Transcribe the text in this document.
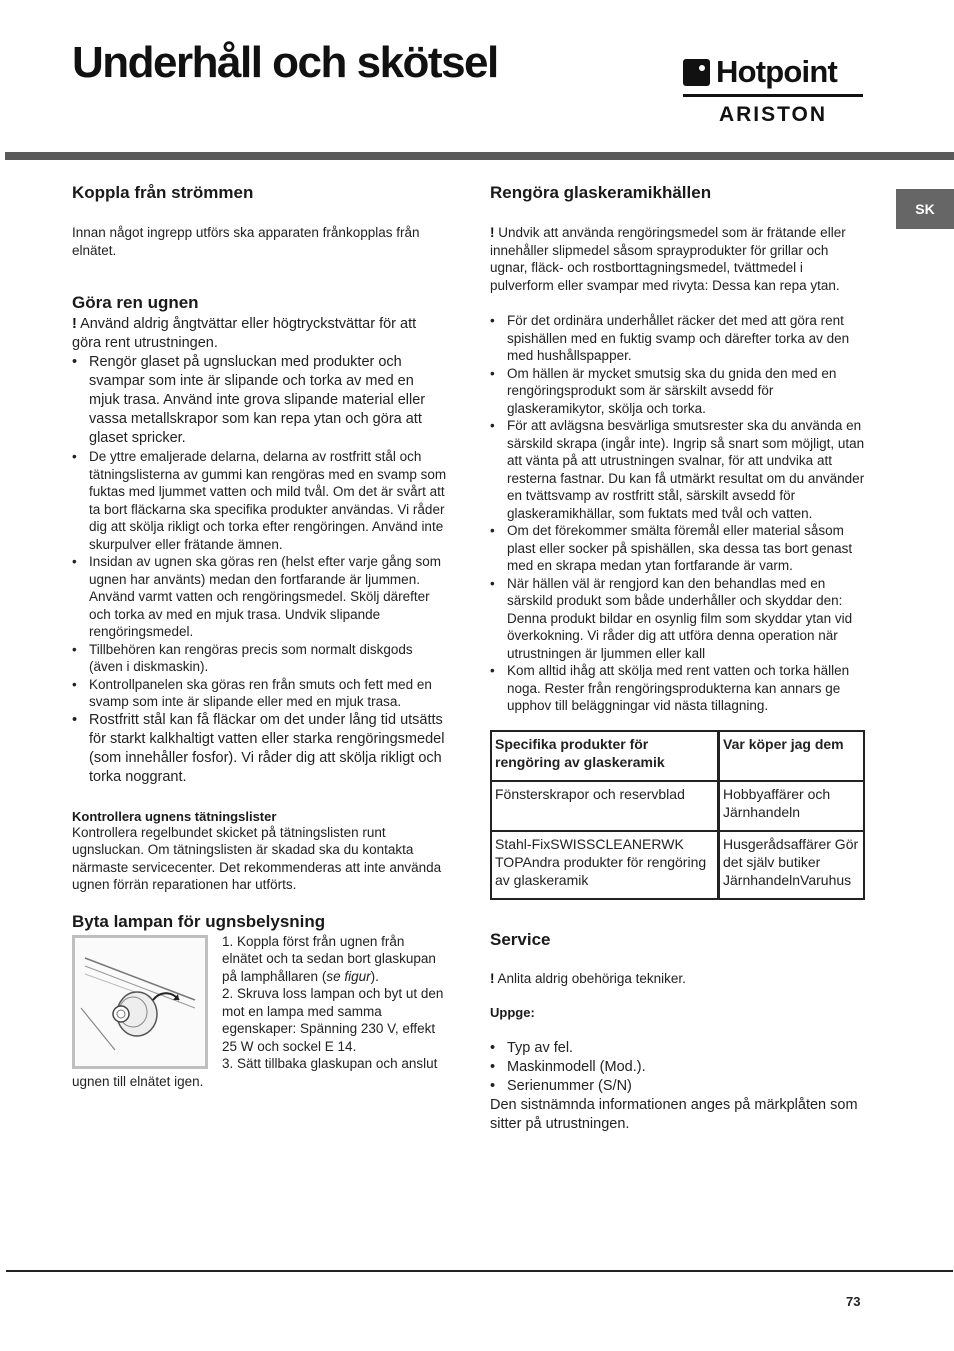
Underhåll och skötsel	Hotpoint
ARISTON
SK
Koppla från strömmen

Innan något ingrepp utförs ska apparaten frånkopplas från elnätet.

Göra ren ugnen

! Använd aldrig ångtvättar eller högtryckstvättar för att göra rent utrustningen.

• Rengör glaset på ugnsluckan med produkter och svampar som inte är slipande och torka av med en mjuk trasa. Använd inte grova slipande material eller vassa metallskrapor som kan repa ytan och göra att glaset spricker.
• De yttre emaljerade delarna, delarna av rostfritt stål och tätningslisterna av gummi kan rengöras med en svamp som fuktas med ljummet vatten och mild tvål. Om det är svårt att ta bort fläckarna ska specifika produkter användas. Vi råder dig att skölja rikligt och torka efter rengöringen. Använd inte skurpulver eller frätande ämnen.
• Insidan av ugnen ska göras ren (helst efter varje gång som ugnen har använts) medan den fortfarande är ljummen. Använd varmt vatten och rengöringsmedel. Skölj därefter och torka av med en mjuk trasa. Undvik slipande rengöringsmedel.
• Tillbehören kan rengöras precis som normalt diskgods (även i diskmaskin).
• Kontrollpanelen ska göras ren från smuts och fett med en svamp som inte är slipande eller med en mjuk trasa.
• Rostfritt stål kan få fläckar om det under lång tid utsätts för starkt kalkhaltigt vatten eller starka rengöringsmedel (som innehåller fosfor). Vi råder dig att skölja rikligt och torka noggrant.
Kontrollera ugnens tätningslister

Kontrollera regelbundet skicket på tätningslisten runt ugnsluckan. Om tätningslisten är skadad ska du kontakta närmaste servicecenter. Det rekommenderas att inte använda ugnen förrän reparationen har utförts.

Byta lampan för ugnsbelysning

1. Koppla först från ugnen från elnätet och ta sedan bort glaskupan på lamphållaren (se figur).

2. Skruva loss lampan och byt ut den mot en lampa med samma egenskaper: Spänning 230 V, effekt 25 W och sockel E 14.

3. Sätt tillbaka glaskupan och anslut ugnen till elnätet igen.

Rengöra glaskeramikhällen

! Undvik att använda rengöringsmedel som är frätande eller innehåller slipmedel såsom sprayprodukter för grillar och ugnar, fläck- och rostborttagningsmedel, tvättmedel i pulverform eller svampar med rivyta: Dessa kan repa ytan.

• För det ordinära underhållet räcker det med att göra rent spishällen med en fuktig svamp och därefter torka av den med hushållspapper.
• Om hällen är mycket smutsig ska du gnida den med en rengöringsprodukt som är särskilt avsedd för glaskeramikytor, skölja och torka.
• För att avlägsna besvärliga smutsrester ska du använda en särskild skrapa (ingår inte). Ingrip så snart som möjligt, utan att vänta på att utrustningen svalnar, för att undvika att resterna fastnar. Du kan få utmärkt resultat om du använder en tvättsvamp av rostfritt stål, särskilt avsedd för glaskeramikhällar, som fuktats med tvål och vatten.
• Om det förekommer smälta föremål eller material såsom plast eller socker på spishällen, ska dessa tas bort genast med en skrapa medan ytan fortfarande är varm.
• När hällen väl är rengjord kan den behandlas med en särskild produkt som både underhåller och skyddar den: Denna produkt bildar en osynlig film som skyddar ytan vid överkokning. Vi råder dig att utföra denna operation när utrustningen är ljummen eller kall
• Kom alltid ihåg att skölja med rent vatten och torka hällen noga. Rester från rengöringsprodukterna kan annars ge upphov till beläggningar vid nästa tillagning.
Specifika produkter för rengöring av glaskeramik	Var köper jag dem
Fönsterskrapor och reservblad	Hobbyaffärer och Järnhandeln
Stahl-FixSWISSCLEANERWK TOPAndra produkter för rengöring av glaskeramik	Husgerådsaffärer Gör det själv butiker JärnhandelnVaruhus
Service

! Anlita aldrig obehöriga tekniker.

Uppge:
• Typ av fel.
• Maskinmodell (Mod.).
• Serienummer (S/N)

Den sistnämnda informationen anges på märkplåten som sitter på utrustningen.

73
